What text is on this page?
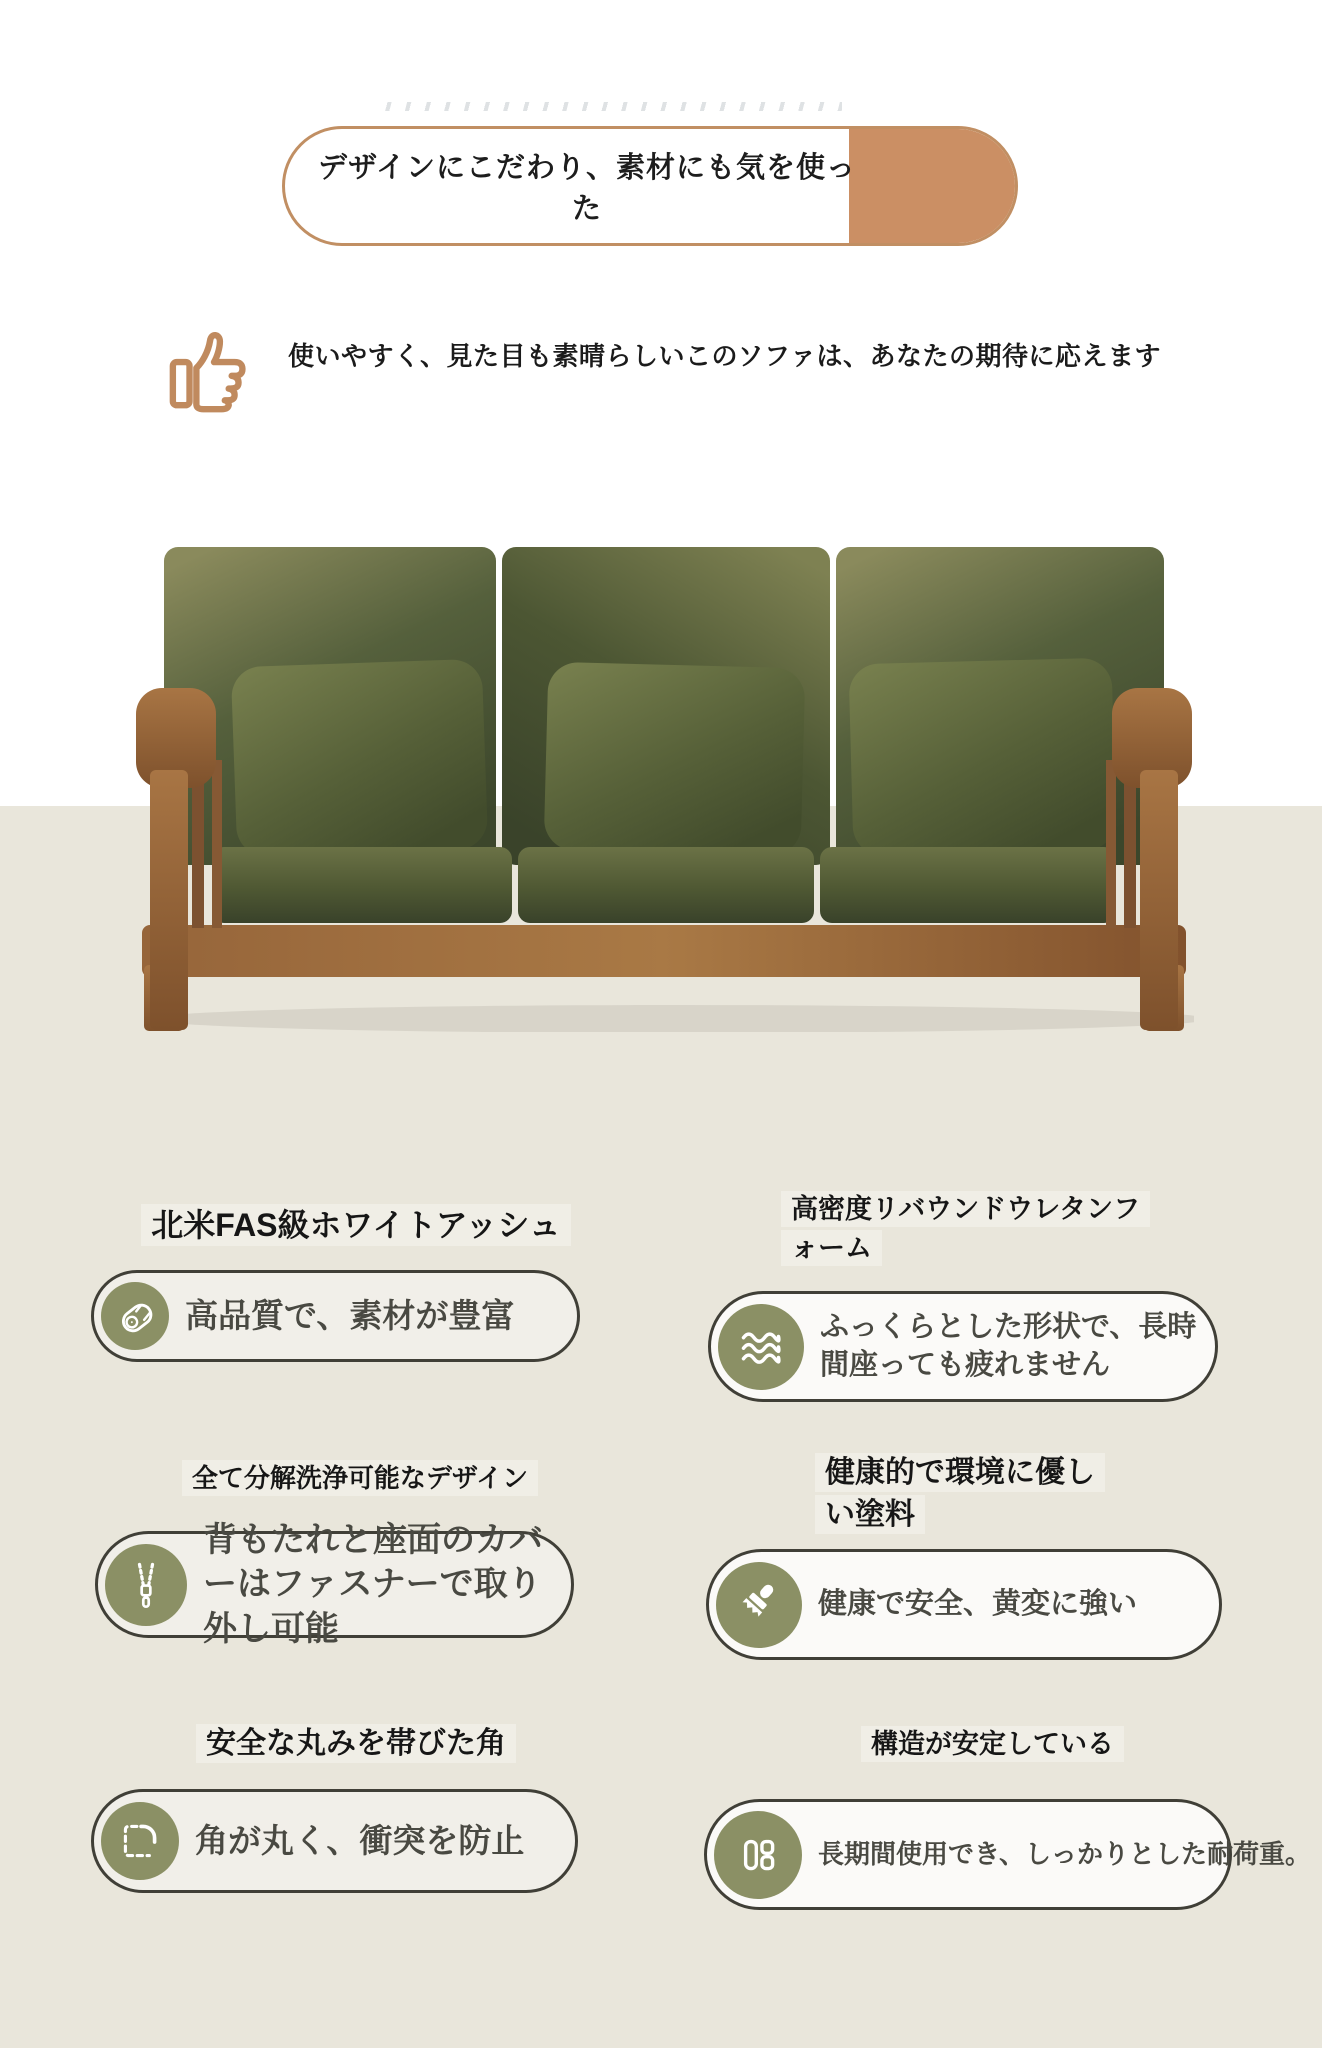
デザインにこだわり、素材にも気を使った
使いやすく、見た目も素晴らしいこのソファは、あなたの期待に応えます
北米FAS級ホワイトアッシュ
高品質で、素材が豊富
高密度リバウンドウレタンフォーム
ふっくらとした形状で、長時間座っても疲れません
全て分解洗浄可能なデザイン
背もたれと座面のカバーはファスナーで取り外し可能
健康的で環境に優しい塗料
健康で安全、黄変に強い
安全な丸みを帯びた角
角が丸く、衝突を防止
構造が安定している
長期間使用でき、しっかりとした耐荷重。
